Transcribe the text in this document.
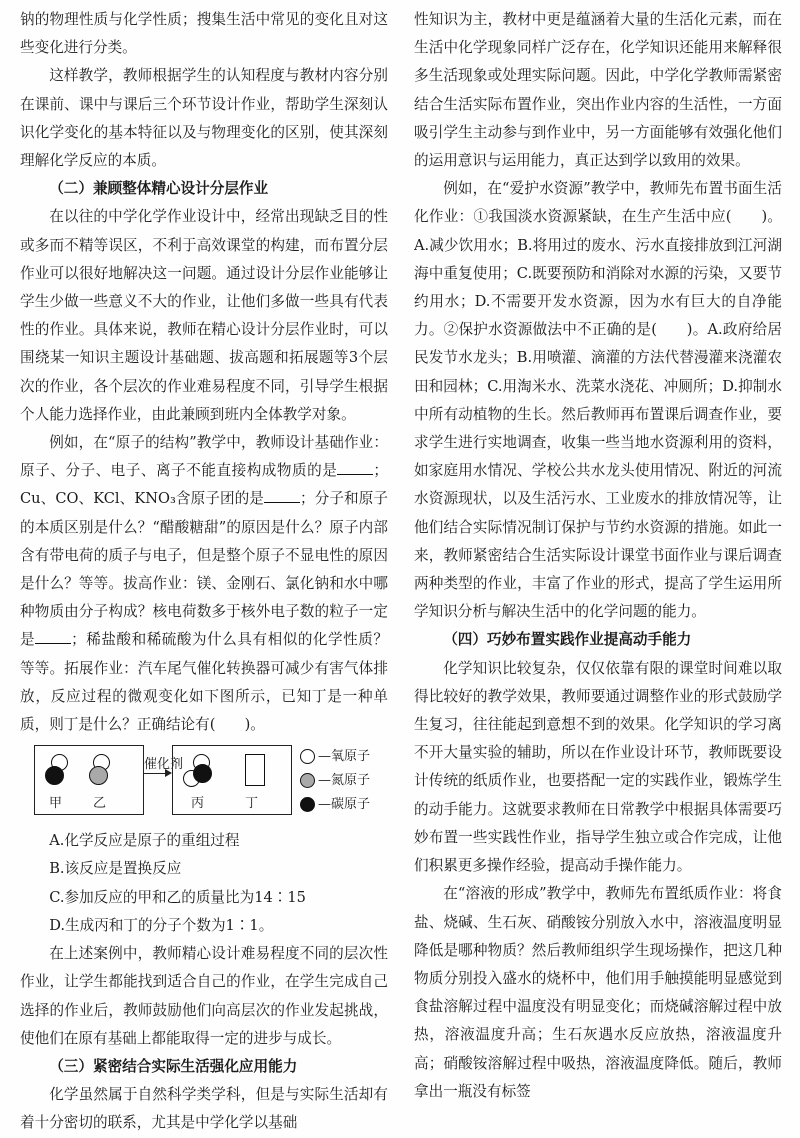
钠的物理性质与化学性质；搜集生活中常见的变化且对这些变化进行分类。

这样教学，教师根据学生的认知程度与教材内容分别在课前、课中与课后三个环节设计作业，帮助学生深刻认识化学变化的基本特征以及与物理变化的区别，使其深刻理解化学反应的本质。

（二）兼顾整体精心设计分层作业

在以往的中学化学作业设计中，经常出现缺乏目的性或多而不精等误区，不利于高效课堂的构建，而布置分层作业可以很好地解决这一问题。通过设计分层作业能够让学生少做一些意义不大的作业，让他们多做一些具有代表性的作业。具体来说，教师在精心设计分层作业时，可以围绕某一知识主题设计基础题、拔高题和拓展题等3个层次的作业，各个层次的作业难易程度不同，引导学生根据个人能力选择作业，由此兼顾到班内全体教学对象。

例如，在“原子的结构”教学中，教师设计基础作业：原子、分子、电子、离子不能直接构成物质的是 ；Cu、CO、KCl、KNO₃含原子团的是 ；分子和原子的本质区别是什么？“醋酸糖甜”的原因是什么？原子内部含有带电荷的质子与电子，但是整个原子不显电性的原因是什么？等等。拔高作业：镁、金刚石、氯化钠和水中哪种物质由分子构成？核电荷数多于核外电子数的粒子一定是 ；稀盐酸和稀硫酸为什么具有相似的化学性质？等等。拓展作业：汽车尾气催化转换器可减少有害气体排放，反应过程的微观变化如下图所示，已知丁是一种单质，则丁是什么？正确结论有(　　)。

甲 乙
催化剂
丙	丁
—氧原子
—氮原子
—碳原子

A.化学反应是原子的重组过程

B.该反应是置换反应

C.参加反应的甲和乙的质量比为14∶15

D.生成丙和丁的分子个数为1∶1。

在上述案例中，教师精心设计难易程度不同的层次性作业，让学生都能找到适合自己的作业，在学生完成自己选择的作业后，教师鼓励他们向高层次的作业发起挑战，使他们在原有基础上都能取得一定的进步与成长。

（三）紧密结合实际生活强化应用能力

化学虽然属于自然科学类学科，但是与实际生活却有着十分密切的联系，尤其是中学化学以基础

性知识为主，教材中更是蕴涵着大量的生活化元素，而在生活中化学现象同样广泛存在，化学知识还能用来解释很多生活现象或处理实际问题。因此，中学化学教师需紧密结合生活实际布置作业，突出作业内容的生活性，一方面吸引学生主动参与到作业中，另一方面能够有效强化他们的运用意识与运用能力，真正达到学以致用的效果。

例如，在“爱护水资源”教学中，教师先布置书面生活化作业：①我国淡水资源紧缺，在生产生活中应(　　)。A.减少饮用水；B.将用过的废水、污水直接排放到江河湖海中重复使用；C.既要预防和消除对水源的污染，又要节约用水；D.不需要开发水资源，因为水有巨大的自净能力。②保护水资源做法中不正确的是(　　)。A.政府给居民发节水龙头；B.用喷灌、滴灌的方法代替漫灌来浇灌农田和园林；C.用淘米水、洗菜水浇花、冲厕所；D.抑制水中所有动植物的生长。然后教师再布置课后调查作业，要求学生进行实地调查，收集一些当地水资源利用的资料，如家庭用水情况、学校公共水龙头使用情况、附近的河流水资源现状，以及生活污水、工业废水的排放情况等，让他们结合实际情况制订保护与节约水资源的措施。如此一来，教师紧密结合生活实际设计课堂书面作业与课后调查两种类型的作业，丰富了作业的形式，提高了学生运用所学知识分析与解决生活中的化学问题的能力。

（四）巧妙布置实践作业提高动手能力

化学知识比较复杂，仅仅依靠有限的课堂时间难以取得比较好的教学效果，教师要通过调整作业的形式鼓励学生复习，往往能起到意想不到的效果。化学知识的学习离不开大量实验的辅助，所以在作业设计环节，教师既要设计传统的纸质作业，也要搭配一定的实践作业，锻炼学生的动手能力。这就要求教师在日常教学中根据具体需要巧妙布置一些实践性作业，指导学生独立或合作完成，让他们积累更多操作经验，提高动手操作能力。

在“溶液的形成”教学中，教师先布置纸质作业：将食盐、烧碱、生石灰、硝酸铵分别放入水中，溶液温度明显降低是哪种物质？然后教师组织学生现场操作，把这几种物质分别投入盛水的烧杯中，他们用手触摸能明显感觉到食盐溶解过程中温度没有明显变化；而烧碱溶解过程中放热，溶液温度升高；生石灰遇水反应放热，溶液温度升高；硝酸铵溶解过程中吸热，溶液温度降低。随后，教师拿出一瓶没有标签
